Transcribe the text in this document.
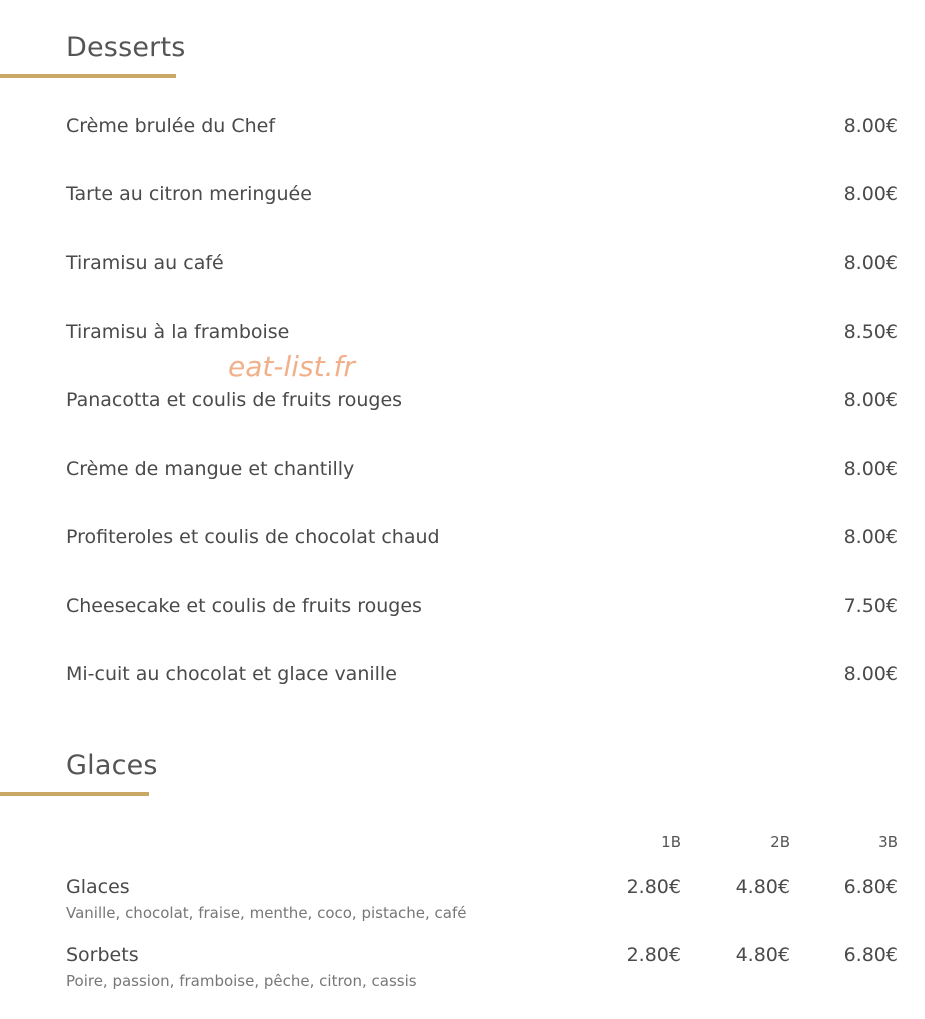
Desserts
Crème brulée du Chef	8.00€
Tarte au citron meringuée	8.00€
Tiramisu au café	8.00€
Tiramisu à la framboise	8.50€
eat-list.fr
Panacotta et coulis de fruits rouges	8.00€
Crème de mangue et chantilly	8.00€
Profiteroles et coulis de chocolat chaud	8.00€
Cheesecake et coulis de fruits rouges	7.50€
Mi-cuit au chocolat et glace vanille	8.00€
Glaces
1B	2B	3B
Glaces
Vanille, chocolat, fraise, menthe, coco, pistache, café
2.80€	4.80€	6.80€
Sorbets
Poire, passion, framboise, pêche, citron, cassis
2.80€	4.80€	6.80€
